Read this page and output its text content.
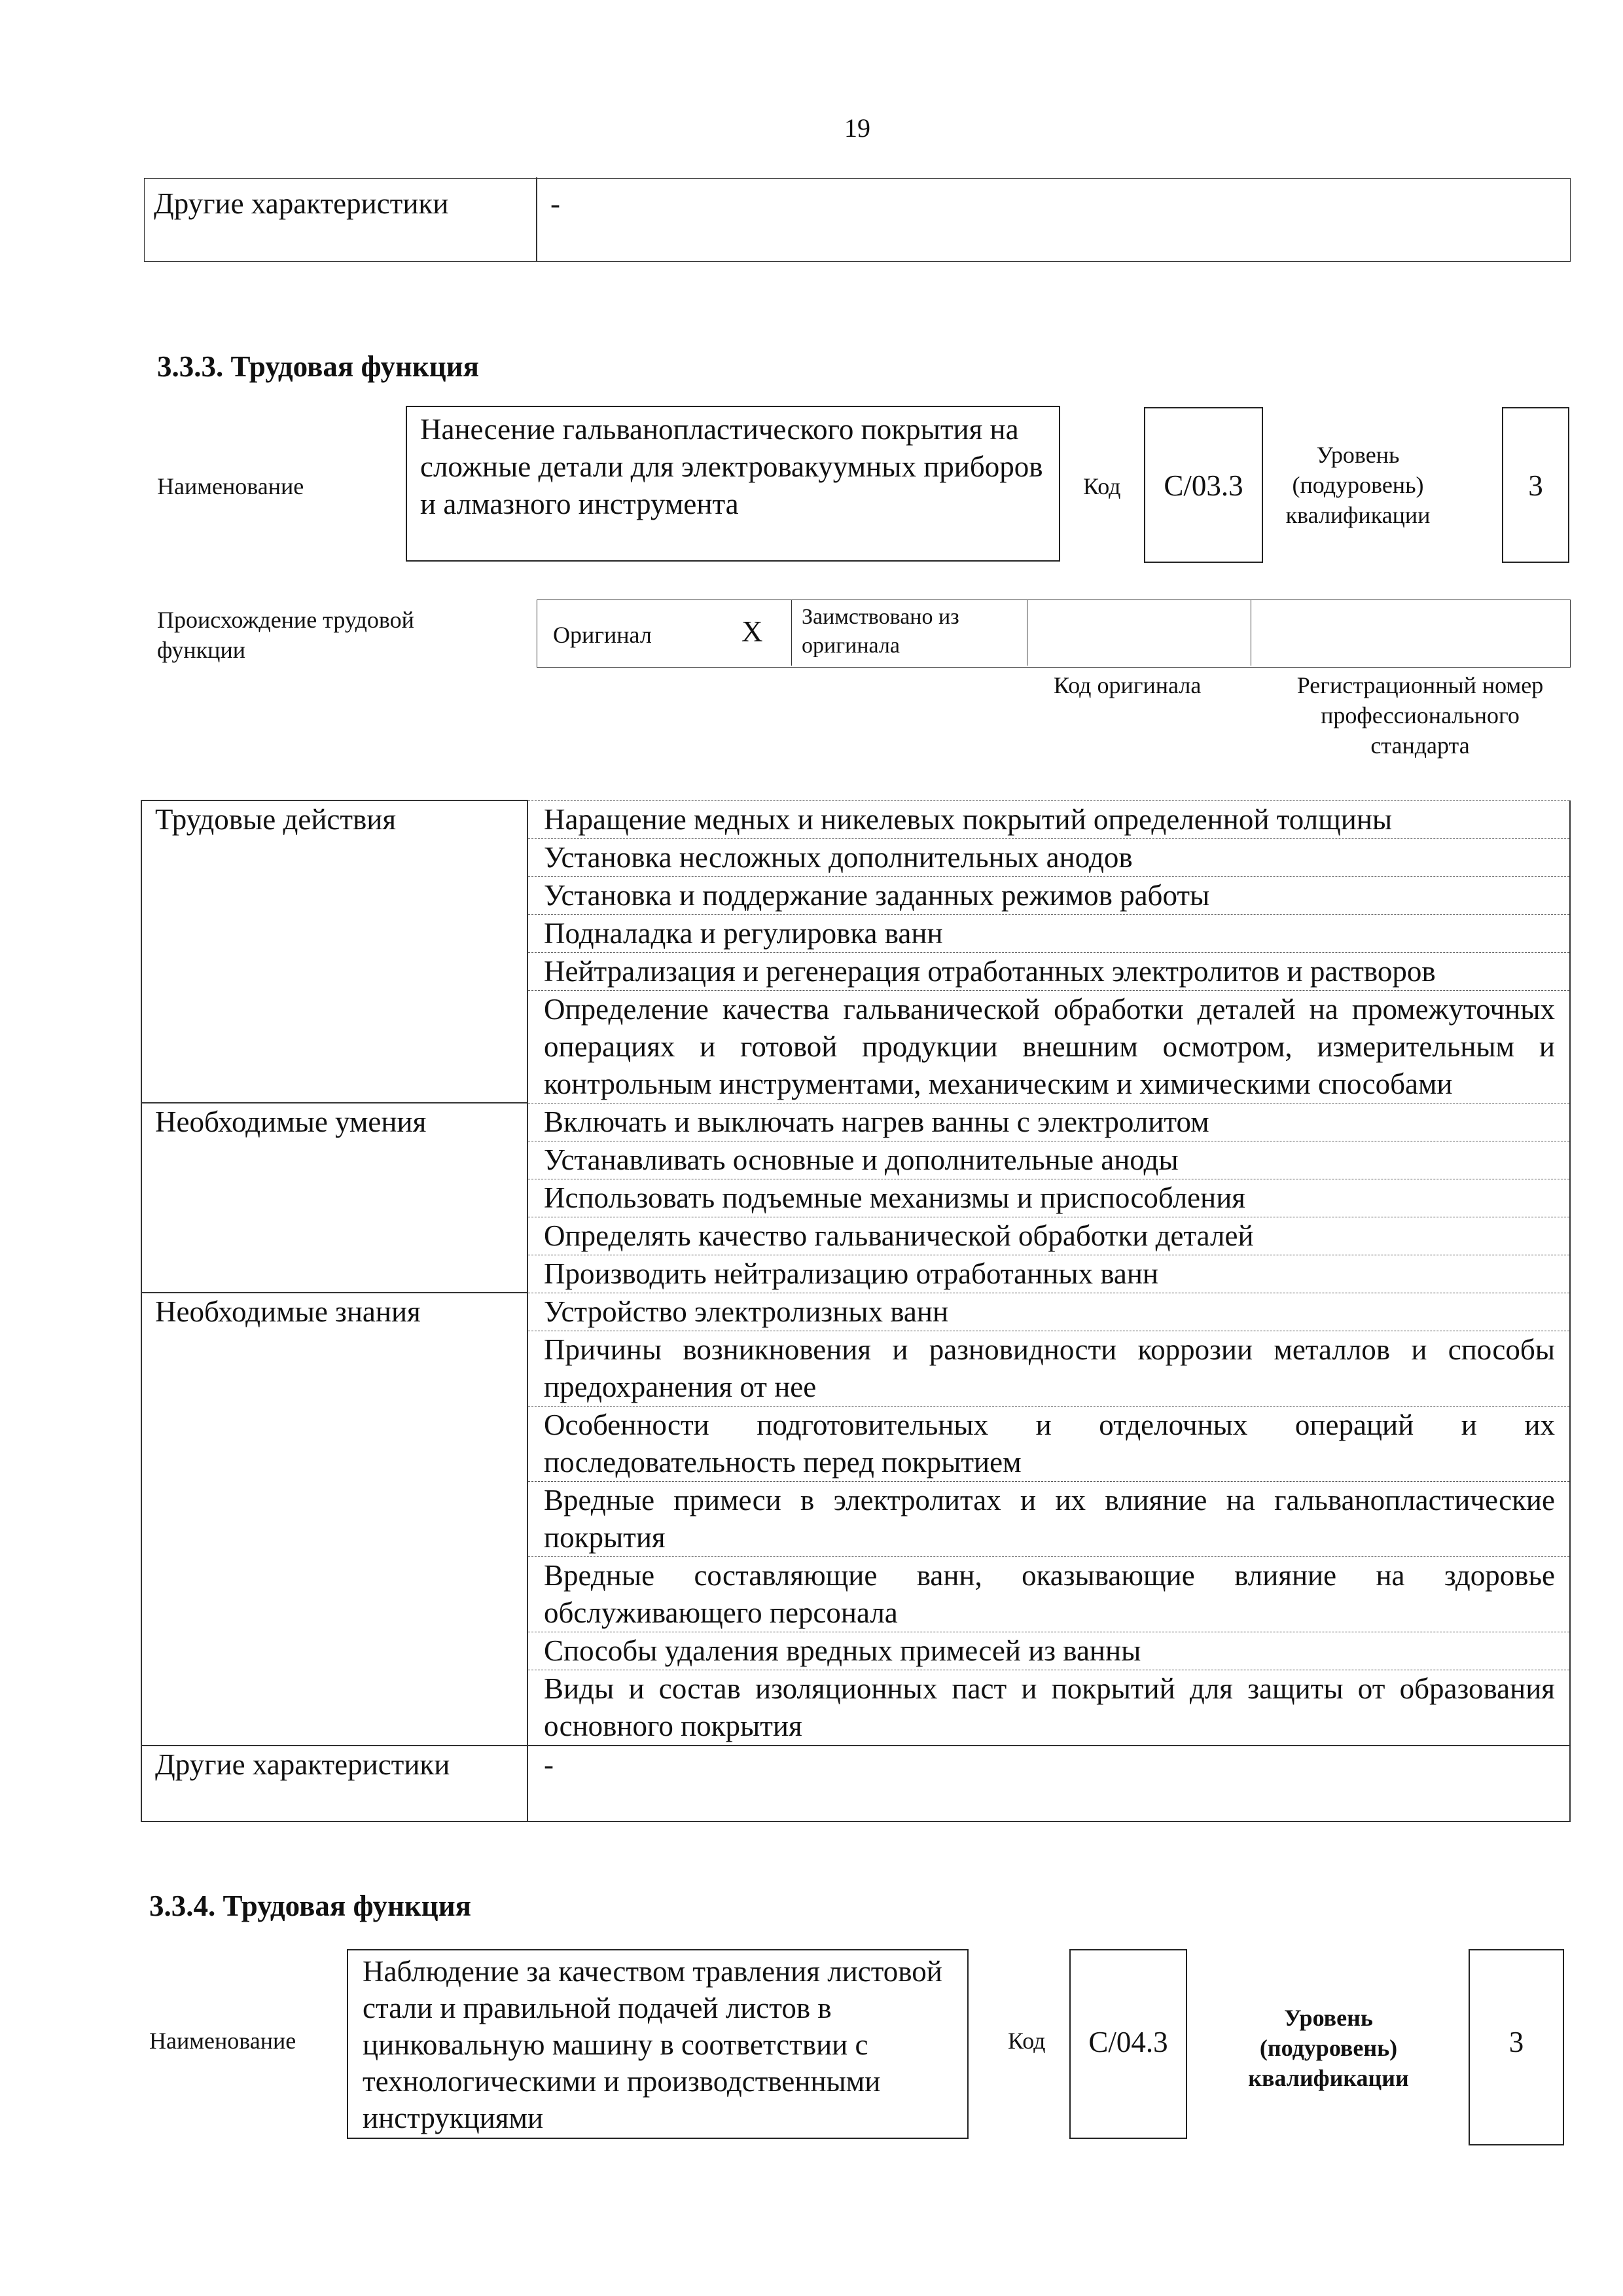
19
Другие характеристики	-
3.3.3. Трудовая функция
Наименование
Нанесение гальванопластического покрытия на сложные детали для электровакуумных приборов и алмазного инструмента
Код	C/03.3
Уровень
(подуровень)
квалификации
3
Происхождение трудовой функции
Оригинал	X Заимствовано из оригинала
Код оригинала	Регистрационный номер профессионального стандарта
Трудовые действия	Наращение медных и никелевых покрытий определенной толщины
	Установка несложных дополнительных анодов
	Установка и поддержание заданных режимов работы
	Подналадка и регулировка ванн
	Нейтрализация и регенерация отработанных электролитов и растворов
	Определение качества гальванической обработки деталей на промежуточных операциях и готовой продукции внешним осмотром, измерительным и контрольным инструментами, механическим и химическими способами
Необходимые умения	Включать и выключать нагрев ванны с электролитом
	Устанавливать основные и дополнительные аноды
	Использовать подъемные механизмы и приспособления
	Определять качество гальванической обработки деталей
	Производить нейтрализацию отработанных ванн
Необходимые знания	Устройство электролизных ванн
	Причины возникновения и разновидности коррозии металлов и способы предохранения от нее
	Особенности подготовительных и отделочных операций и их последовательность перед покрытием
	Вредные примеси в электролитах и их влияние на гальванопластические покрытия
	Вредные составляющие ванн, оказывающие влияние на здоровье обслуживающего персонала
	Способы удаления вредных примесей из ванны
	Виды и состав изоляционных паст и покрытий для защиты от образования основного покрытия
Другие характеристики	-
3.3.4. Трудовая функция
Наименование
Наблюдение за качеством травления листовой стали и правильной подачей листов в цинковальную машину в соответствии с технологическими и производственными инструкциями
Код	C/04.3
Уровень
(подуровень)
квалификации
3
